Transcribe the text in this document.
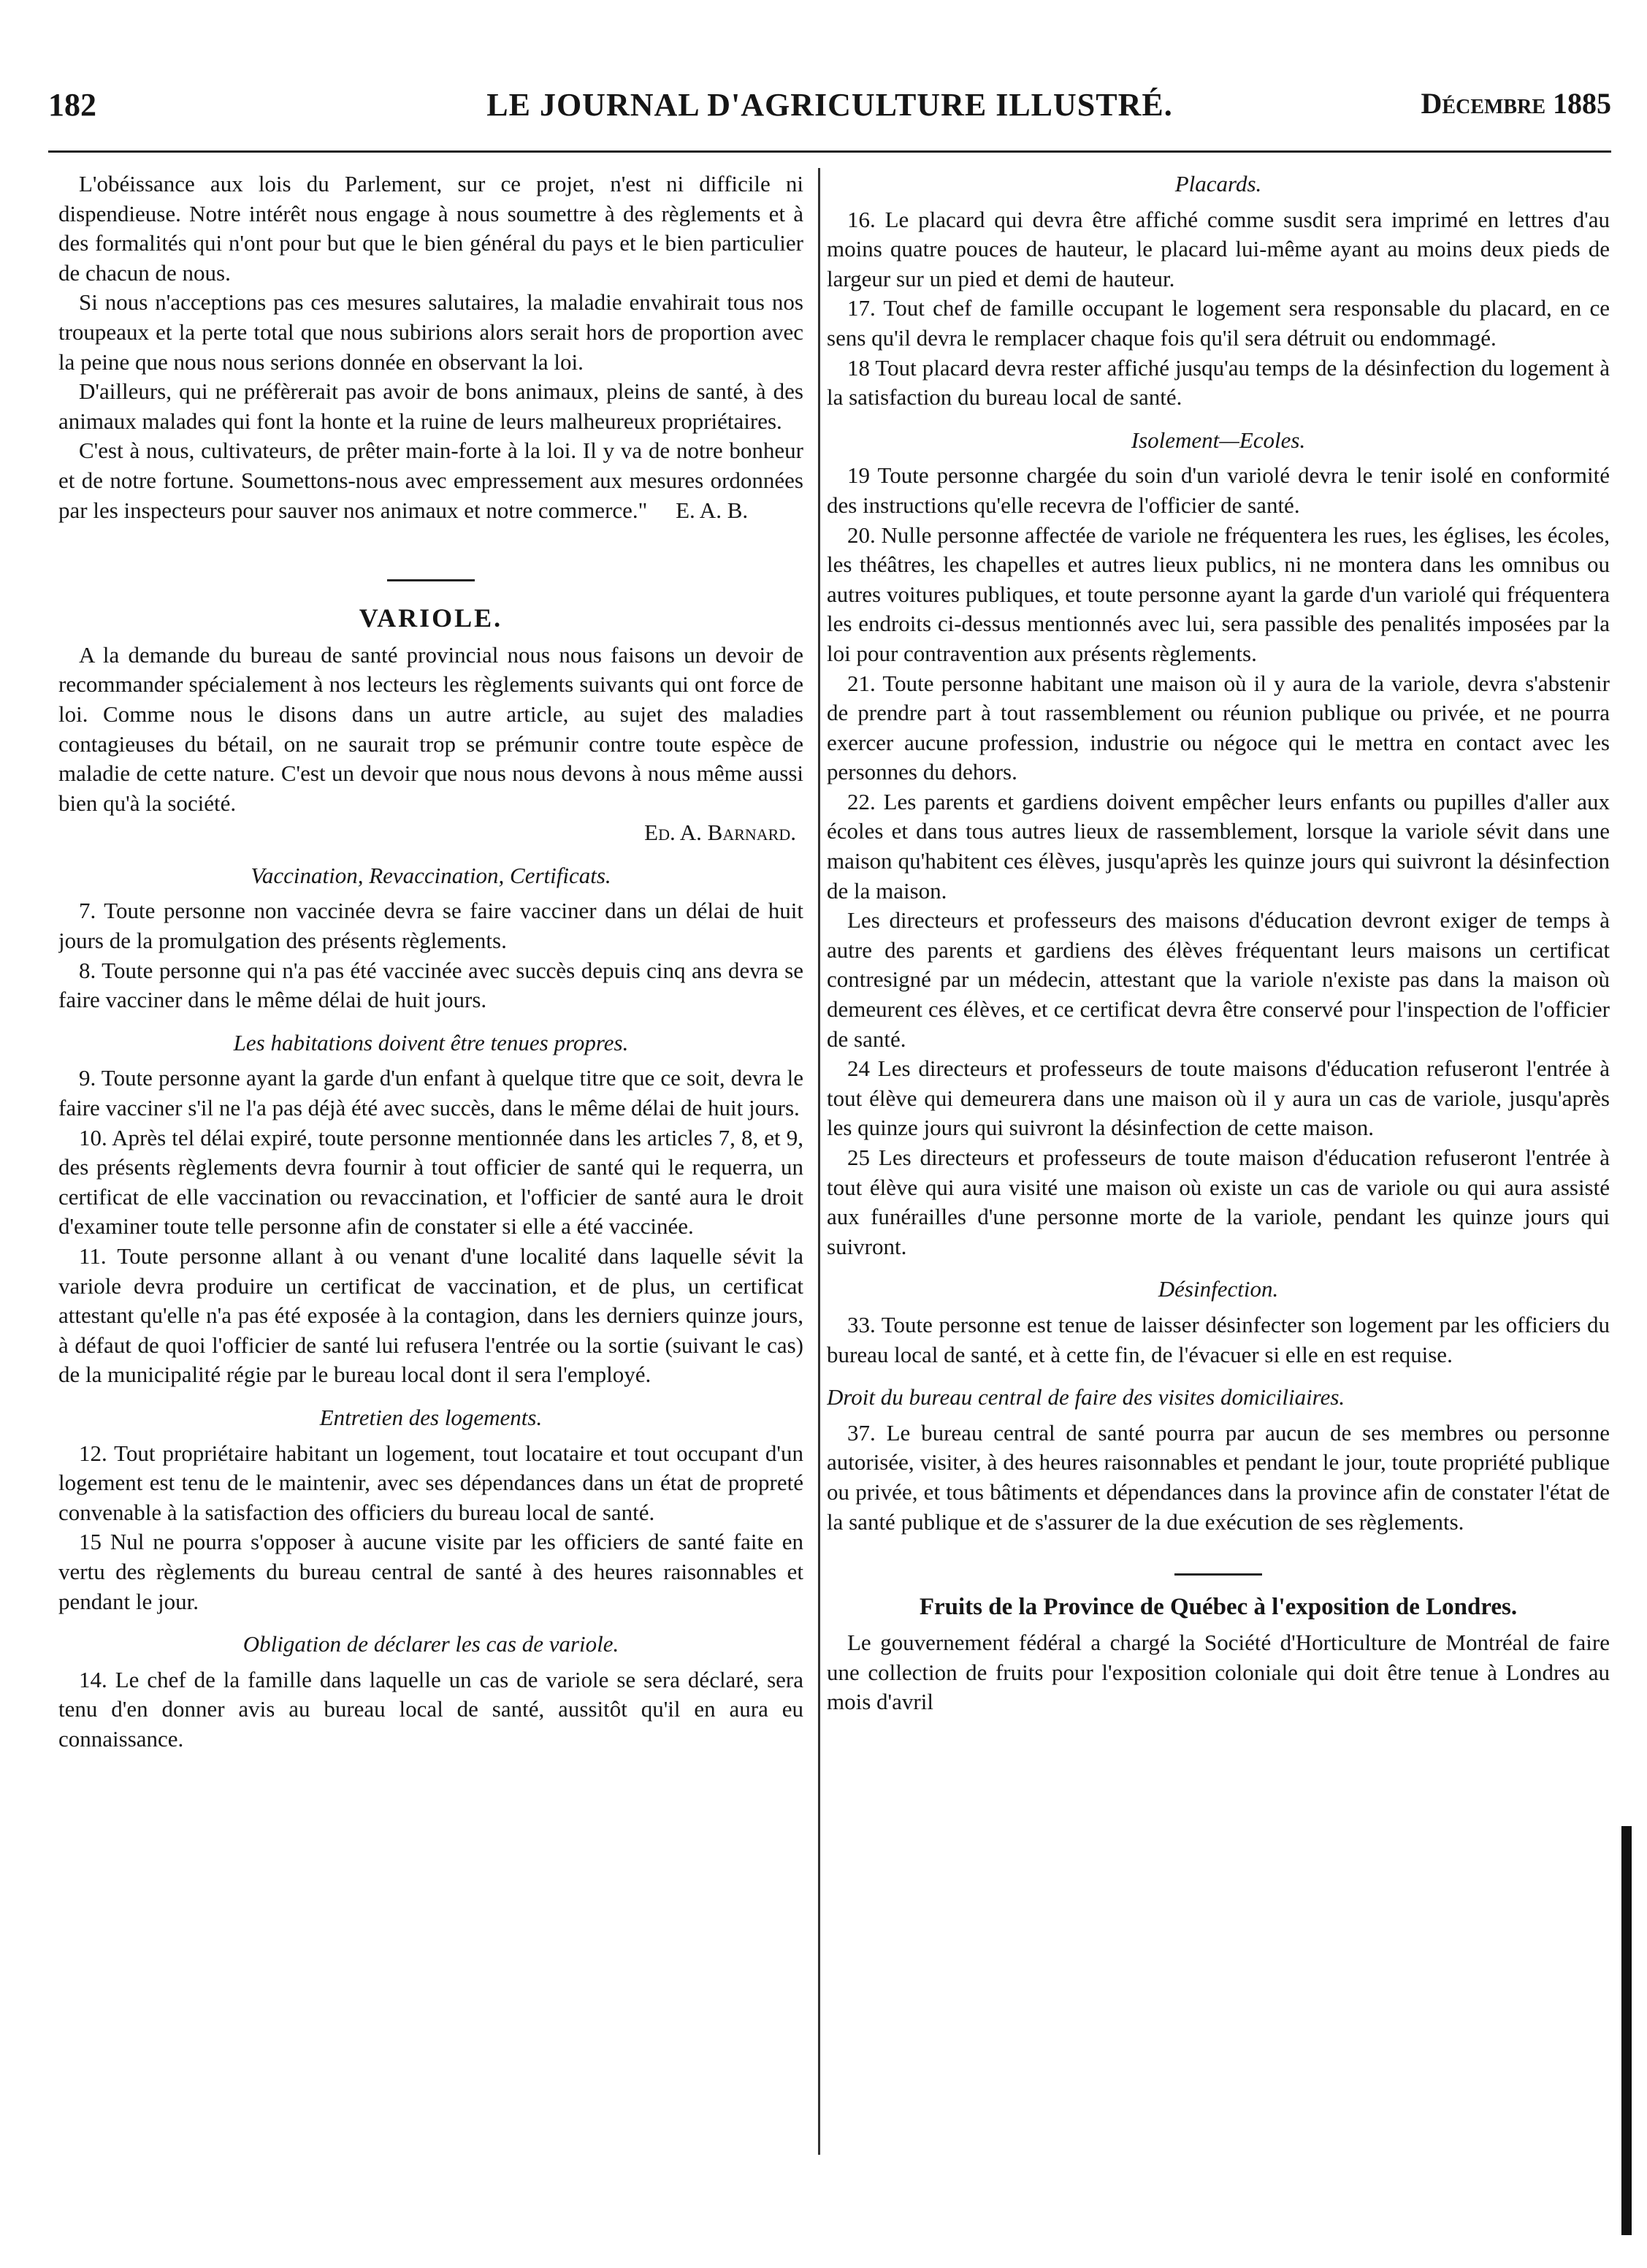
182	LE JOURNAL D'AGRICULTURE ILLUSTRÉ.	Décembre 1885

L'obéissance aux lois du Parlement, sur ce projet, n'est ni difficile ni dispendieuse. Notre intérêt nous engage à nous soumettre à des règlements et à des formalités qui n'ont pour but que le bien général du pays et le bien particulier de chacun de nous.

Si nous n'acceptions pas ces mesures salutaires, la maladie envahirait tous nos troupeaux et la perte total que nous subirions alors serait hors de proportion avec la peine que nous nous serions donnée en observant la loi.

D'ailleurs, qui ne préfèrerait pas avoir de bons animaux, pleins de santé, à des animaux malades qui font la honte et la ruine de leurs malheureux propriétaires.

C'est à nous, cultivateurs, de prêter main-forte à la loi. Il y va de notre bonheur et de notre fortune. Soumettons-nous avec empressement aux mesures ordonnées par les inspecteurs pour sauver nos animaux et notre commerce." E. A. B.

VARIOLE.

A la demande du bureau de santé provincial nous nous faisons un devoir de recommander spécialement à nos lecteurs les règlements suivants qui ont force de loi. Comme nous le disons dans un autre article, au sujet des maladies contagieuses du bétail, on ne saurait trop se prémunir contre toute espèce de maladie de cette nature. C'est un devoir que nous nous devons à nous même aussi bien qu'à la société.

Ed. A. Barnard.

Vaccination, Revaccination, Certificats.

7. Toute personne non vaccinée devra se faire vacciner dans un délai de huit jours de la promulgation des présents règlements.

8. Toute personne qui n'a pas été vaccinée avec succès depuis cinq ans devra se faire vacciner dans le même délai de huit jours.

Les habitations doivent être tenues propres.

9. Toute personne ayant la garde d'un enfant à quelque titre que ce soit, devra le faire vacciner s'il ne l'a pas déjà été avec succès, dans le même délai de huit jours.

10. Après tel délai expiré, toute personne mentionnée dans les articles 7, 8, et 9, des présents règlements devra fournir à tout officier de santé qui le requerra, un certificat de elle vaccination ou revaccination, et l'officier de santé aura le droit d'examiner toute telle personne afin de constater si elle a été vaccinée.

11. Toute personne allant à ou venant d'une localité dans laquelle sévit la variole devra produire un certificat de vaccination, et de plus, un certificat attestant qu'elle n'a pas été exposée à la contagion, dans les derniers quinze jours, à défaut de quoi l'officier de santé lui refusera l'entrée ou la sortie (suivant le cas) de la municipalité régie par le bureau local dont il sera l'employé.

Entretien des logements.

12. Tout propriétaire habitant un logement, tout locataire et tout occupant d'un logement est tenu de le maintenir, avec ses dépendances dans un état de propreté convenable à la satisfaction des officiers du bureau local de santé.

15 Nul ne pourra s'opposer à aucune visite par les officiers de santé faite en vertu des règlements du bureau central de santé à des heures raisonnables et pendant le jour.

Obligation de déclarer les cas de variole.

14. Le chef de la famille dans laquelle un cas de variole se sera déclaré, sera tenu d'en donner avis au bureau local de santé, aussitôt qu'il en aura eu connaissance.

Placards.

16. Le placard qui devra être affiché comme susdit sera imprimé en lettres d'au moins quatre pouces de hauteur, le placard lui-même ayant au moins deux pieds de largeur sur un pied et demi de hauteur.

17. Tout chef de famille occupant le logement sera responsable du placard, en ce sens qu'il devra le remplacer chaque fois qu'il sera détruit ou endommagé.

18 Tout placard devra rester affiché jusqu'au temps de la désinfection du logement à la satisfaction du bureau local de santé.

Isolement—Ecoles.

19 Toute personne chargée du soin d'un variolé devra le tenir isolé en conformité des instructions qu'elle recevra de l'officier de santé.

20. Nulle personne affectée de variole ne fréquentera les rues, les églises, les écoles, les théâtres, les chapelles et autres lieux publics, ni ne montera dans les omnibus ou autres voitures publiques, et toute personne ayant la garde d'un variolé qui fréquentera les endroits ci-dessus mentionnés avec lui, sera passible des penalités imposées par la loi pour contravention aux présents règlements.

21. Toute personne habitant une maison où il y aura de la variole, devra s'abstenir de prendre part à tout rassemblement ou réunion publique ou privée, et ne pourra exercer aucune profession, industrie ou négoce qui le mettra en contact avec les personnes du dehors.

22. Les parents et gardiens doivent empêcher leurs enfants ou pupilles d'aller aux écoles et dans tous autres lieux de rassemblement, lorsque la variole sévit dans une maison qu'habitent ces élèves, jusqu'après les quinze jours qui suivront la désinfection de la maison.

Les directeurs et professeurs des maisons d'éducation devront exiger de temps à autre des parents et gardiens des élèves fréquentant leurs maisons un certificat contresigné par un médecin, attestant que la variole n'existe pas dans la maison où demeurent ces élèves, et ce certificat devra être conservé pour l'inspection de l'officier de santé.

24 Les directeurs et professeurs de toute maisons d'éducation refuseront l'entrée à tout élève qui demeurera dans une maison où il y aura un cas de variole, jusqu'après les quinze jours qui suivront la désinfection de cette maison.

25 Les directeurs et professeurs de toute maison d'éducation refuseront l'entrée à tout élève qui aura visité une maison où existe un cas de variole ou qui aura assisté aux funérailles d'une personne morte de la variole, pendant les quinze jours qui suivront.

Désinfection.

33. Toute personne est tenue de laisser désinfecter son logement par les officiers du bureau local de santé, et à cette fin, de l'évacuer si elle en est requise.

Droit du bureau central de faire des visites domiciliaires.

37. Le bureau central de santé pourra par aucun de ses membres ou personne autorisée, visiter, à des heures raisonnables et pendant le jour, toute propriété publique ou privée, et tous bâtiments et dépendances dans la province afin de constater l'état de la santé publique et de s'assurer de la due exécution de ses règlements.

Fruits de la Province de Québec à l'exposition de Londres.

Le gouvernement fédéral a chargé la Société d'Horticulture de Montréal de faire une collection de fruits pour l'exposition coloniale qui doit être tenue à Londres au mois d'avril
